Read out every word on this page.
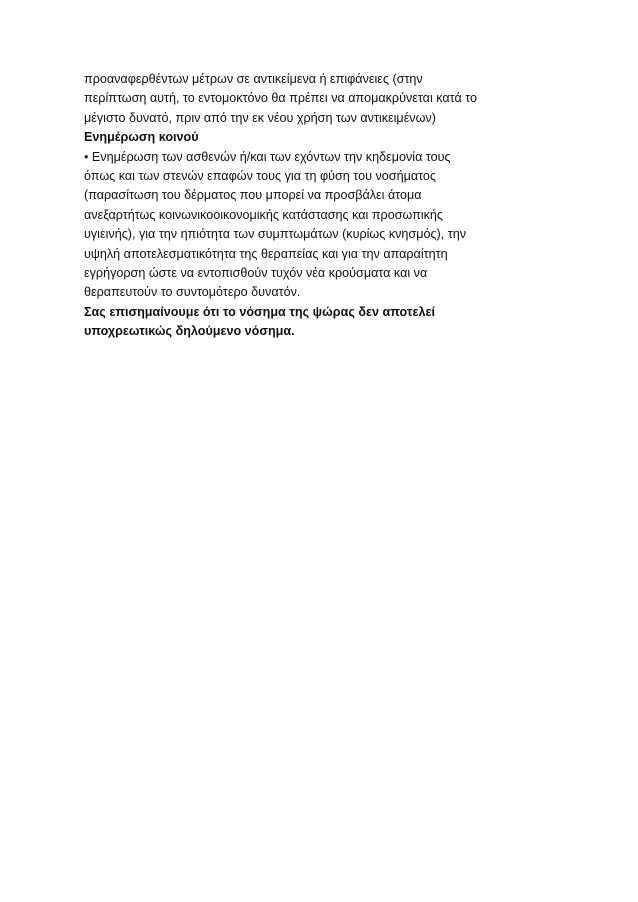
προαναφερθέντων μέτρων σε αντικείμενα ή επιφάνειες (στην
περίπτωση αυτή, το εντομοκτόνο θα πρέπει να απομακρύνεται κατά το
μέγιστο δυνατό, πριν από την εκ νέου χρήση των αντικειμένων)
Ενημέρωση κοινού
• Ενημέρωση των ασθενών ή/και των εχόντων την κηδεμονία τους
όπως και των στενών επαφών τους για τη φύση του νοσήματος
(παρασίτωση του δέρματος που μπορεί να προσβάλει άτομα
ανεξαρτήτως κοινωνικοοικονομικής κατάστασης και προσωπικής
υγιεινής), για την ηπιότητα των συμπτωμάτων (κυρίως κνησμός), την
υψηλή αποτελεσματικότητα της θεραπείας και για την απαραίτητη
εγρήγορση ώστε να εντοπισθούν τυχόν νέα κρούσματα και να
θεραπευτούν το συντομότερο δυνατόν.
Σας επισημαίνουμε ότι το νόσημα της ψώρας δεν αποτελεί
υποχρεωτικώς δηλούμενο νόσημα.
